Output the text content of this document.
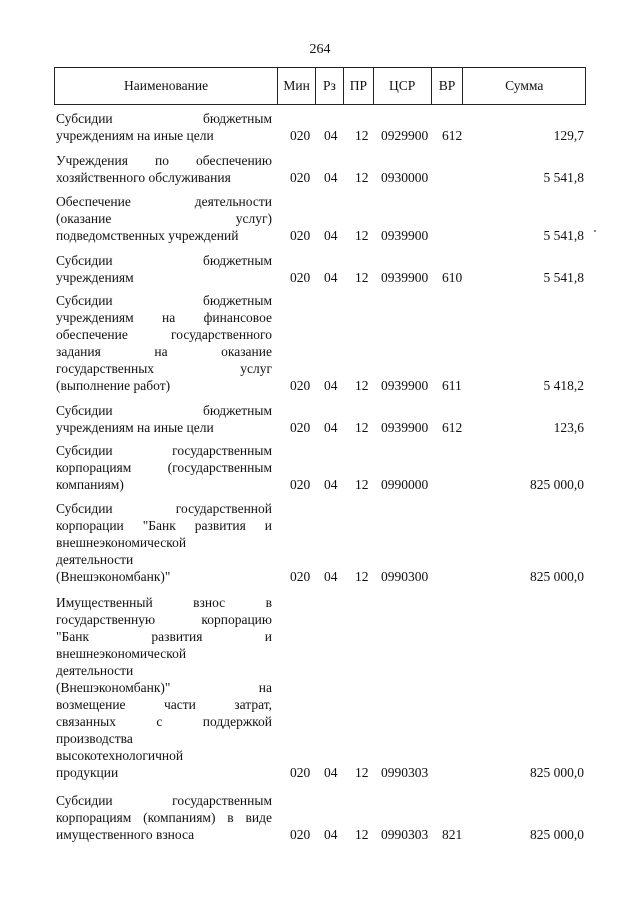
264
Наименование	Мин Рз	ПР	ЦСР	ВР	Сумма
Субсидии бюджетным
учреждениям на иные цели	020 04 12 0929900 612	129,7
Учреждения по обеспечению
хозяйственного обслуживания	020 04 12 0930000	5 541,8
Обеспечение деятельности
(оказание услуг)
подведомственных учреждений	020 04 12 0939900	5 541,8
Субсидии бюджетным
учреждениям	020 04 12 0939900 610	5 541,8
Субсидии бюджетным
учреждениям на финансовое
обеспечение государственного
задания на оказание
государственных услуг
(выполнение работ)	020 04 12 0939900 611	5 418,2
Субсидии бюджетным
учреждениям на иные цели	020 04 12 0939900 612	123,6
Субсидии государственным
корпорациям (государственным
компаниям)	020 04 12 0990000	825 000,0
Субсидии государственной
корпорации "Банк развития и
внешнеэкономической
деятельности
(Внешэкономбанк)"	020 04 12 0990300	825 000,0
Имущественный взнос в
государственную корпорацию
"Банк развития и
внешнеэкономической
деятельности
(Внешэкономбанк)" на
возмещение части затрат,
связанных с поддержкой
производства
высокотехнологичной
продукции	020 04 12 0990303	825 000,0
Субсидии государственным
корпорациям (компаниям) в виде
имущественного взноса	020 04 12 0990303 821	825 000,0
